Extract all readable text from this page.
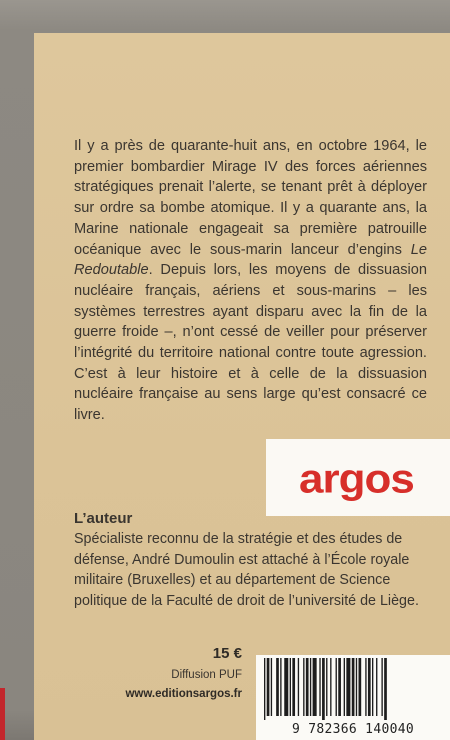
Il y a près de quarante-huit ans, en octobre 1964, le premier bombardier Mirage IV des forces aériennes stratégiques prenait l’alerte, se tenant prêt à déployer sur ordre sa bombe atomique. Il y a quarante ans, la Marine nationale engageait sa première patrouille océanique avec le sous-marin lanceur d’engins Le Redoutable. Depuis lors, les moyens de dissuasion nucléaire français, aériens et sous-marins – les systèmes terrestres ayant disparu avec la fin de la guerre froide –, n’ont cessé de veiller pour préserver l’intégrité du territoire national contre toute agression. C’est à leur histoire et à celle de la dissuasion nucléaire française au sens large qu’est consacré ce livre.

argos
L’auteur

Spécialiste reconnu de la stratégie et des études de défense, André Dumoulin est attaché à l’École royale militaire (Bruxelles) et au département de Science politique de la Faculté de droit de l’université de Liège.

15 €
Diffusion PUF
www.editionsargos.fr
9 782366 140040
